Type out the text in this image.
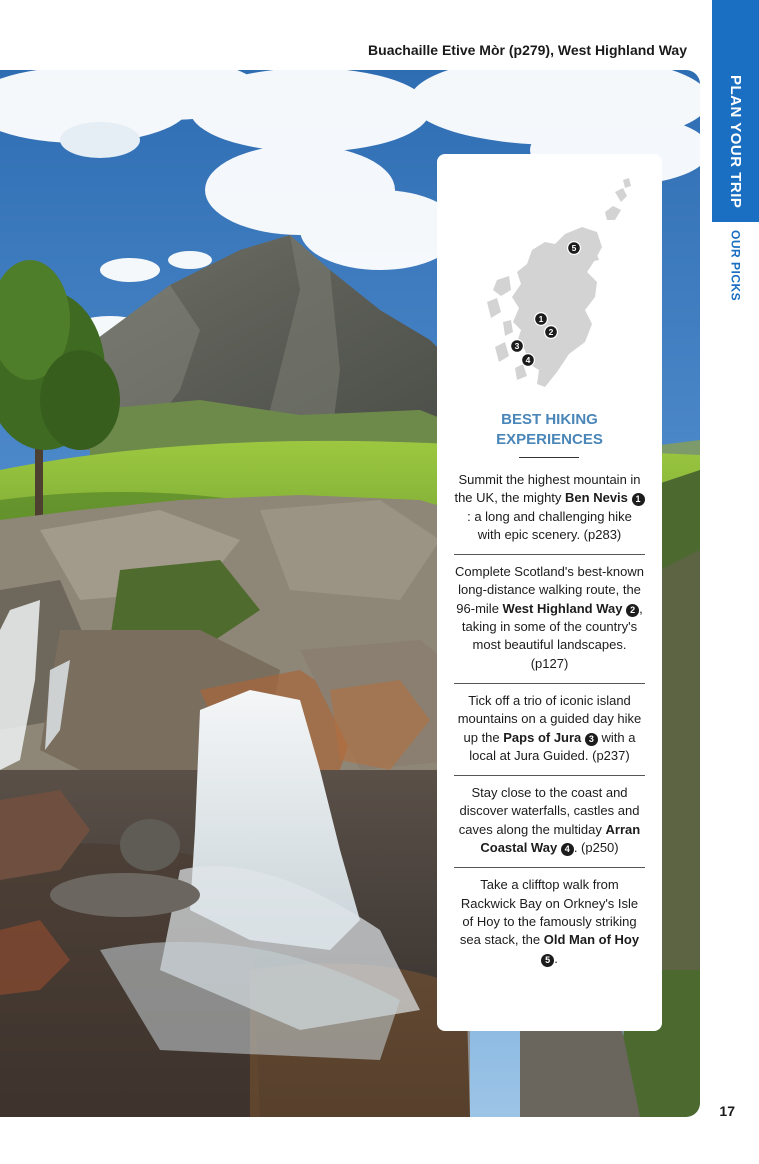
Buachaille Etive Mòr (p279), West Highland Way
PLAN YOUR TRIP
OUR PICKS
5
1
2
3
4
BEST HIKING
EXPERIENCES
Summit the highest mountain in the UK, the mighty Ben Nevis 1: a long and challenging hike with epic scenery. (p283)
Complete Scotland's best-known long-distance walking route, the 96-mile West Highland Way 2 , taking in some of the country's most beautiful landscapes. (p127)
Tick off a trio of iconic island mountains on a guided day hike up the Paps of Jura 3 with a local at Jura Guided. (p237)
Stay close to the coast and discover waterfalls, castles and caves along the multiday Arran Coastal Way 4 . (p250)
Take a clifftop walk from Rackwick Bay on Orkney's Isle of Hoy to the famously striking sea stack, the Old Man of Hoy 5 .
17
